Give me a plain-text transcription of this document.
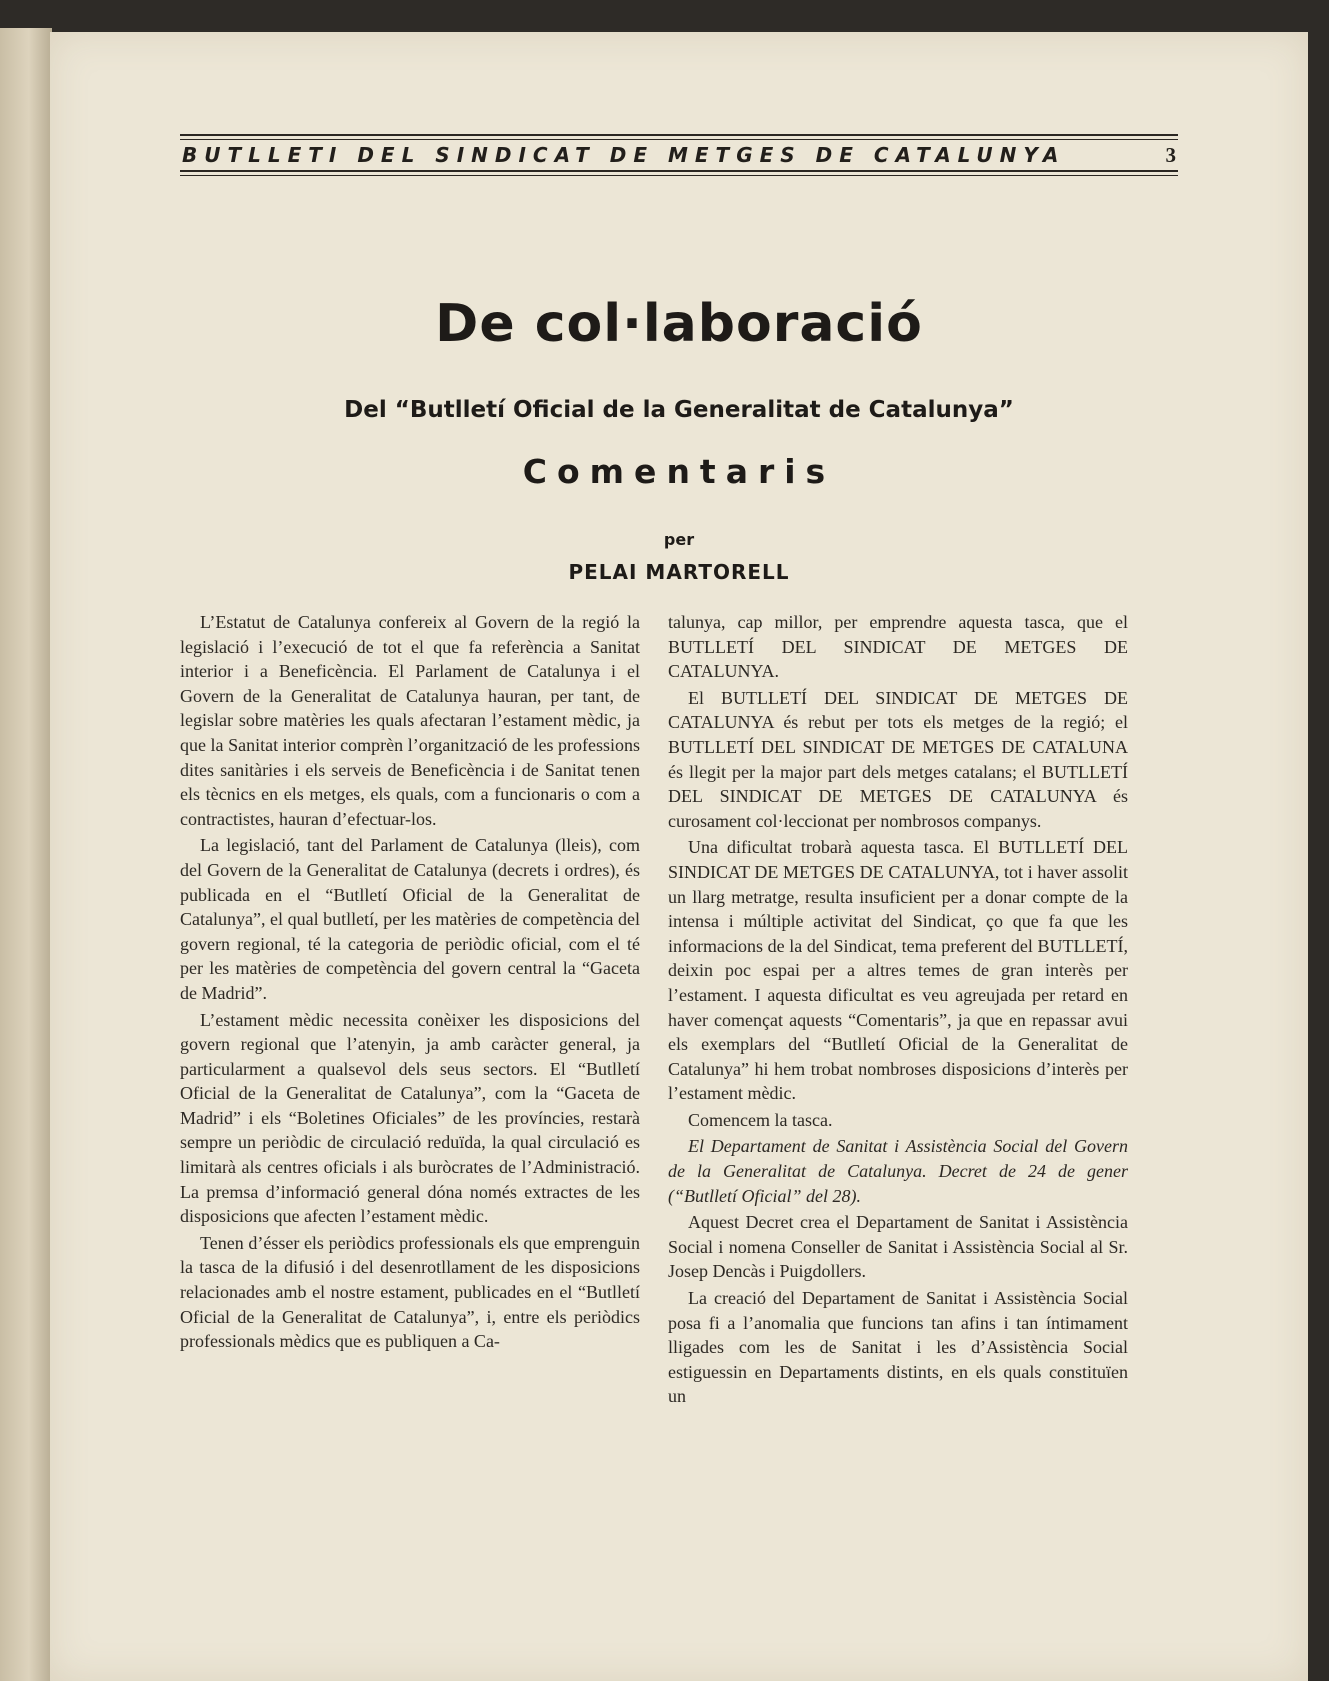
BUTLLETI DEL SINDICAT DE METGES DE CATALUNYA	3
De col·laboració
Del “Butlletí Oficial de la Generalitat de Catalunya”
Comentaris
per
PELAI MARTORELL

L’Estatut de Catalunya confereix al Govern de la regió la legislació i l’execució de tot el que fa referència a Sanitat interior i a Beneficència. El Parlament de Catalunya i el Govern de la Generalitat de Catalunya hauran, per tant, de legislar sobre matèries les quals afectaran l’estament mèdic, ja que la Sanitat interior comprèn l’organització de les professions dites sanitàries i els serveis de Beneficència i de Sanitat tenen els tècnics en els metges, els quals, com a funcionaris o com a contractistes, hauran d’efectuar-los.

La legislació, tant del Parlament de Catalunya (lleis), com del Govern de la Generalitat de Catalunya (decrets i ordres), és publicada en el “Butlletí Oficial de la Generalitat de Catalunya”, el qual butlletí, per les matèries de competència del govern regional, té la categoria de periòdic oficial, com el té per les matèries de competència del govern central la “Gaceta de Madrid”.

L’estament mèdic necessita conèixer les disposicions del govern regional que l’atenyin, ja amb caràcter general, ja particularment a qualsevol dels seus sectors. El “Butlletí Oficial de la Generalitat de Catalunya”, com la “Gaceta de Madrid” i els “Boletines Oficiales” de les províncies, restarà sempre un periòdic de circulació reduïda, la qual circulació es limitarà als centres oficials i als buròcrates de l’Administració. La premsa d’informació general dóna només extractes de les disposicions que afecten l’estament mèdic.

Tenen d’ésser els periòdics professionals els que emprenguin la tasca de la difusió i del desenrotllament de les disposicions relacionades amb el nostre estament, publicades en el “Butlletí Oficial de la Generalitat de Catalunya”, i, entre els periòdics professionals mèdics que es publiquen a Ca-

talunya, cap millor, per emprendre aquesta tasca, que el BUTLLETÍ DEL SINDICAT DE METGES DE CATALUNYA.

El BUTLLETÍ DEL SINDICAT DE METGES DE CATALUNYA és rebut per tots els metges de la regió; el BUTLLETÍ DEL SINDICAT DE METGES DE CATALUNA és llegit per la major part dels metges catalans; el BUTLLETÍ DEL SINDICAT DE METGES DE CATALUNYA és curosament col·leccionat per nombrosos companys.

Una dificultat trobarà aquesta tasca. El BUTLLETÍ DEL SINDICAT DE METGES DE CATALUNYA, tot i haver assolit un llarg metratge, resulta insuficient per a donar compte de la intensa i múltiple activitat del Sindicat, ço que fa que les informacions de la del Sindicat, tema preferent del BUTLLETÍ, deixin poc espai per a altres temes de gran interès per l’estament. I aquesta dificultat es veu agreujada per retard en haver començat aquests “Comentaris”, ja que en repassar avui els exemplars del “Butlletí Oficial de la Generalitat de Catalunya” hi hem trobat nombroses disposicions d’interès per l’estament mèdic.

Comencem la tasca.

El Departament de Sanitat i Assistència Social del Govern de la Generalitat de Catalunya. Decret de 24 de gener (“Butlletí Oficial” del 28).

Aquest Decret crea el Departament de Sanitat i Assistència Social i nomena Conseller de Sanitat i Assistència Social al Sr. Josep Dencàs i Puigdollers.

La creació del Departament de Sanitat i Assistència Social posa fi a l’anomalia que funcions tan afins i tan íntimament lligades com les de Sanitat i les d’Assistència Social estiguessin en Departaments distints, en els quals constituïen un
